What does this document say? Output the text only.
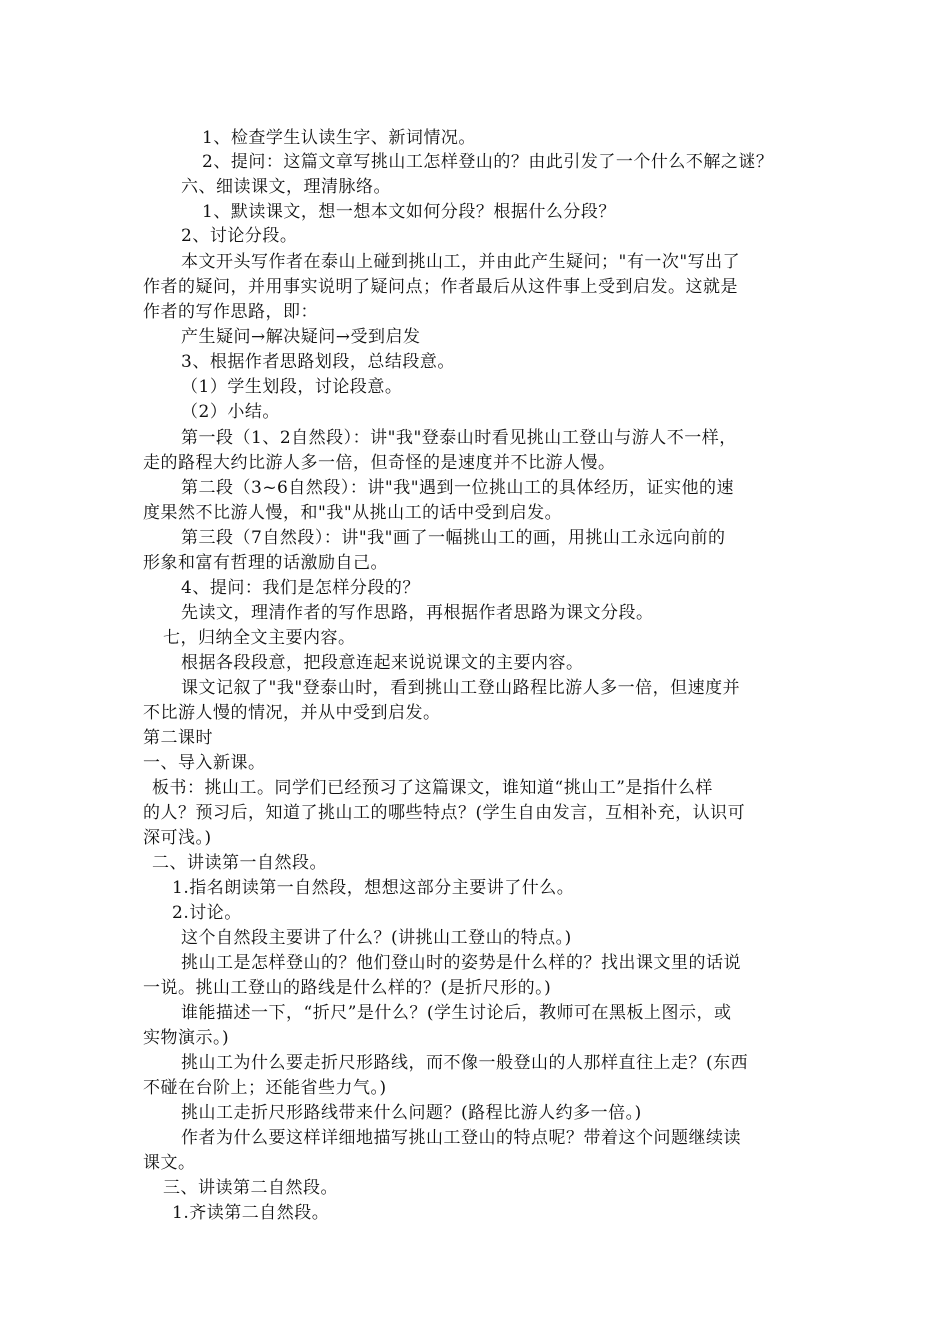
1、检查学生认读生字、新词情况。
2、提问：这篇文章写挑山工怎样登山的？由此引发了一个什么不解之谜？
六、细读课文，理清脉络。
1、默读课文，想一想本文如何分段？根据什么分段？
2、讨论分段。
本文开头写作者在泰山上碰到挑山工，并由此产生疑问；"有一次"写出了
作者的疑问，并用事实说明了疑问点；作者最后从这件事上受到启发。这就是
作者的写作思路，即：
产生疑问→解决疑问→受到启发
3、根据作者思路划段，总结段意。
（1）学生划段，讨论段意。
（2）小结。
第一段（1、2自然段）：讲"我"登泰山时看见挑山工登山与游人不一样，
走的路程大约比游人多一倍，但奇怪的是速度并不比游人慢。
第二段（3~6自然段）：讲"我"遇到一位挑山工的具体经历，证实他的速
度果然不比游人慢，和"我"从挑山工的话中受到启发。
第三段（7自然段）：讲"我"画了一幅挑山工的画，用挑山工永远向前的
形象和富有哲理的话激励自己。
4、提问：我们是怎样分段的？
先读文，理清作者的写作思路，再根据作者思路为课文分段。
七，归纳全文主要内容。
根据各段段意，把段意连起来说说课文的主要内容。
课文记叙了"我"登泰山时，看到挑山工登山路程比游人多一倍，但速度并
不比游人慢的情况，并从中受到启发。
第二课时
一、导入新课。
板书：挑山工。同学们已经预习了这篇课文，谁知道“挑山工”是指什么样
的人？预习后，知道了挑山工的哪些特点？(学生自由发言，互相补充，认识可
深可浅。)
二、讲读第一自然段。
1.指名朗读第一自然段，想想这部分主要讲了什么。
2.讨论。
这个自然段主要讲了什么？(讲挑山工登山的特点。)
挑山工是怎样登山的？他们登山时的姿势是什么样的？找出课文里的话说
一说。挑山工登山的路线是什么样的？(是折尺形的。)
谁能描述一下，“折尺”是什么？(学生讨论后，教师可在黑板上图示，或
实物演示。)
挑山工为什么要走折尺形路线，而不像一般登山的人那样直往上走？(东西
不碰在台阶上；还能省些力气。)
挑山工走折尺形路线带来什么问题？(路程比游人约多一倍。)
作者为什么要这样详细地描写挑山工登山的特点呢？带着这个问题继续读
课文。
三、讲读第二自然段。
1.齐读第二自然段。
